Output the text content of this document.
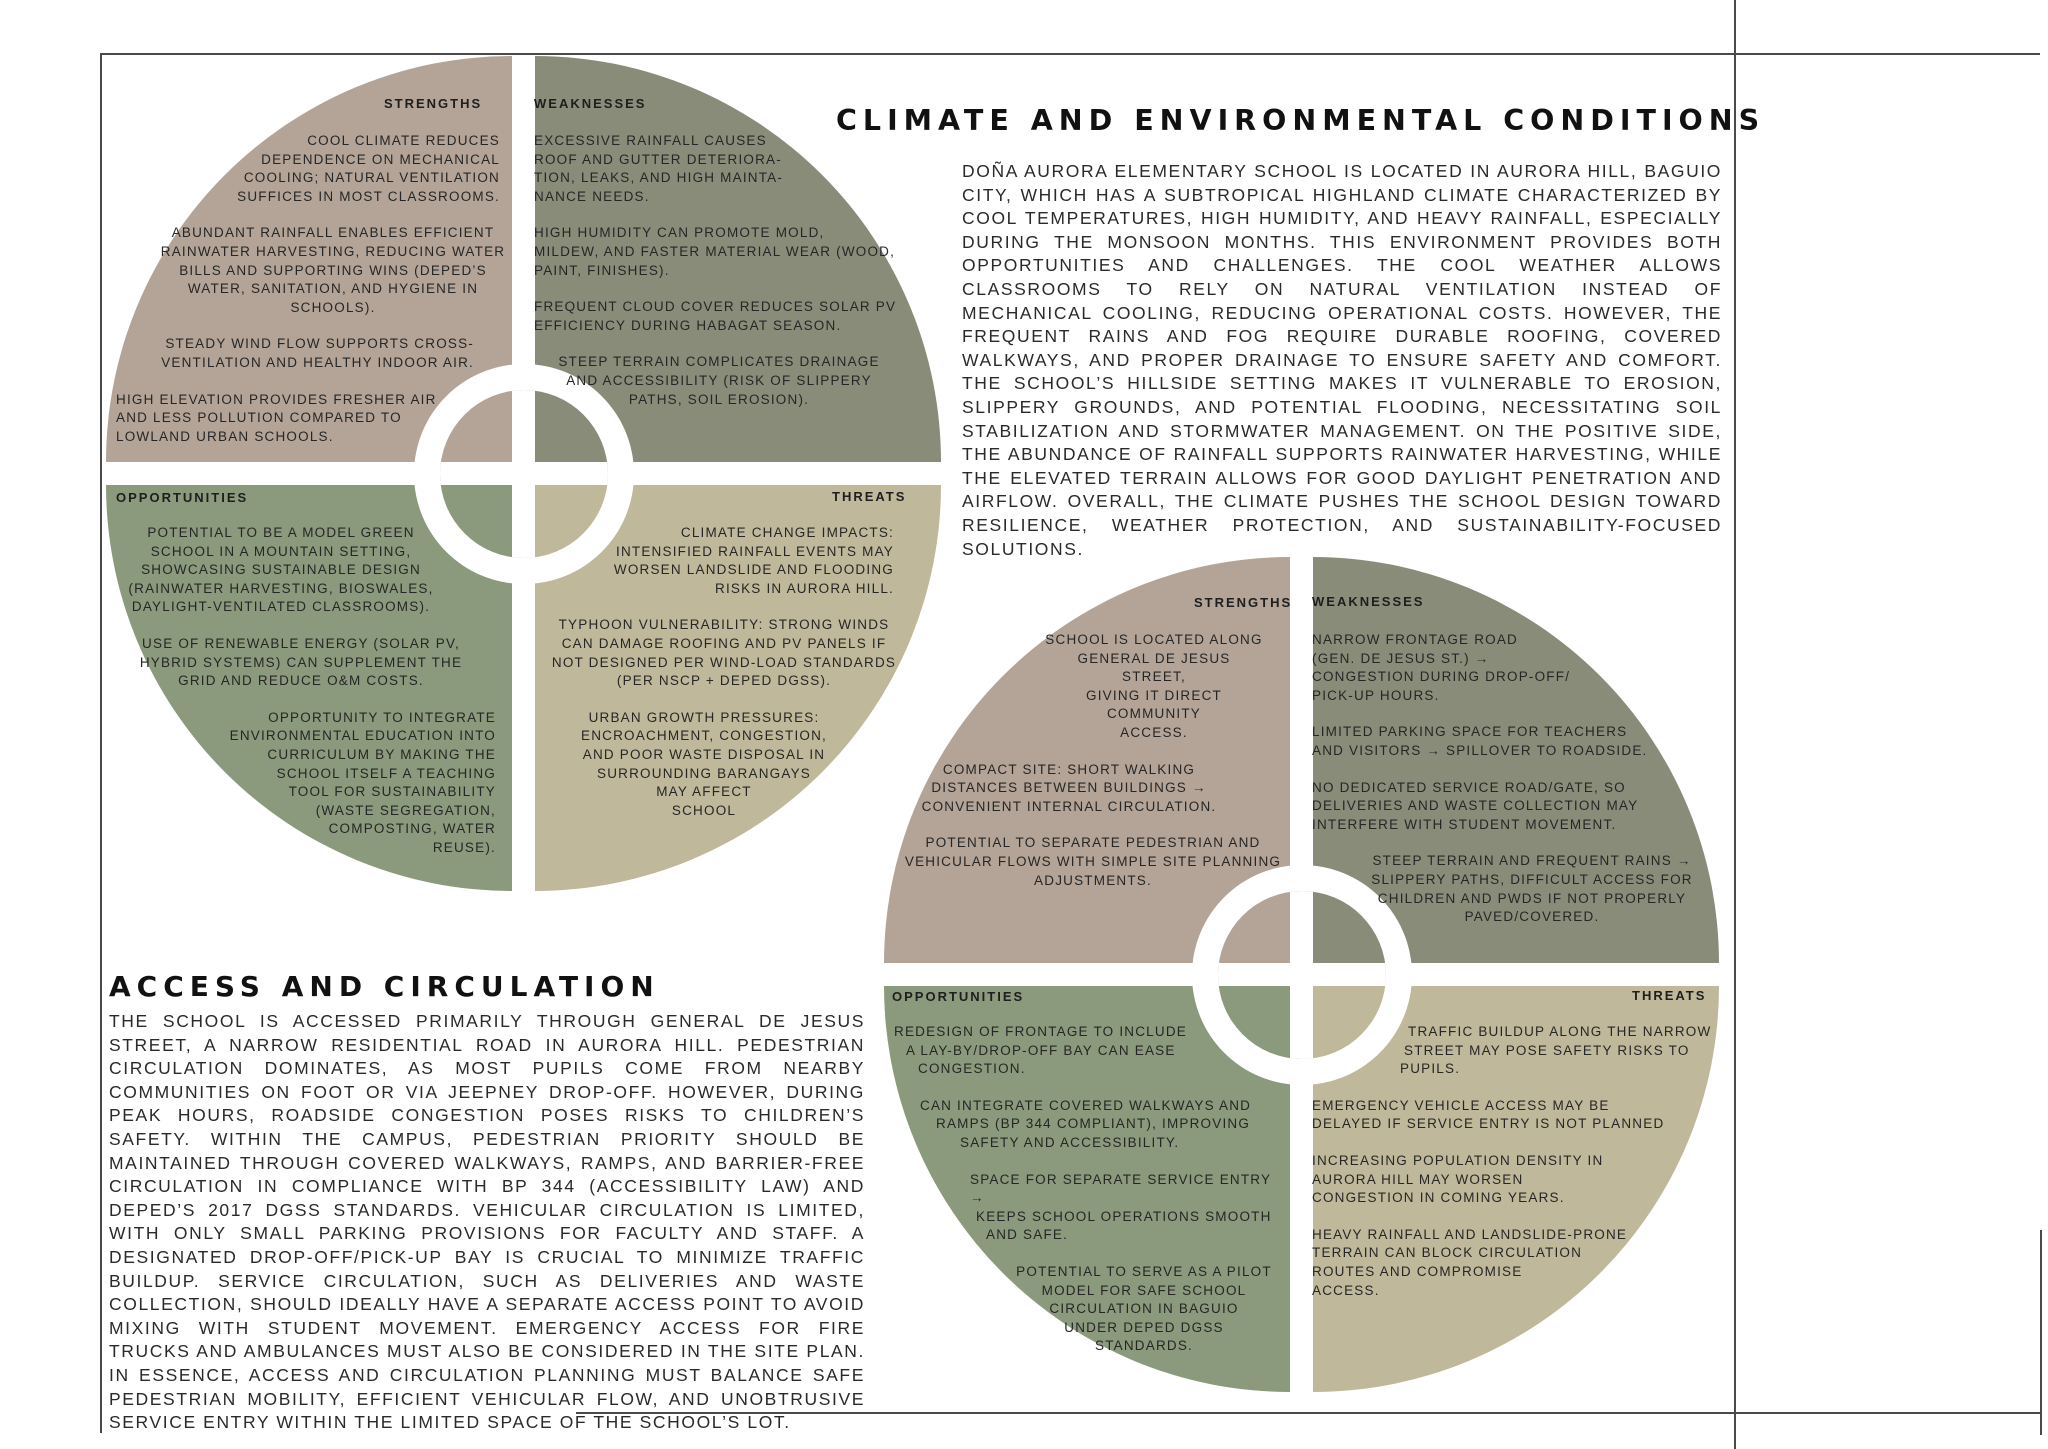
CLIMATE AND ENVIRONMENTAL CONDITIONS

DOÑA AURORA ELEMENTARY SCHOOL IS LOCATED IN AURORA HILL, BAGUIO CITY, WHICH HAS A SUBTROPICAL HIGHLAND CLIMATE CHARACTERIZED BY COOL TEMPERATURES, HIGH HUMIDITY, AND HEAVY RAINFALL, ESPECIALLY DURING THE MONSOON MONTHS. THIS ENVIRONMENT PROVIDES BOTH OPPORTUNITIES AND CHALLENGES. THE COOL WEATHER ALLOWS CLASSROOMS TO RELY ON NATURAL VENTILATION INSTEAD OF MECHANICAL COOLING, REDUCING OPERATIONAL COSTS. HOWEVER, THE FREQUENT RAINS AND FOG REQUIRE DURABLE ROOFING, COVERED WALKWAYS, AND PROPER DRAINAGE TO ENSURE SAFETY AND COMFORT. THE SCHOOL’S HILLSIDE SETTING MAKES IT VULNERABLE TO EROSION, SLIPPERY GROUNDS, AND POTENTIAL FLOODING, NECESSITATING SOIL STABILIZATION AND STORMWATER MANAGEMENT. ON THE POSITIVE SIDE, THE ABUNDANCE OF RAINFALL SUPPORTS RAINWATER HARVESTING, WHILE THE ELEVATED TERRAIN ALLOWS FOR GOOD DAYLIGHT PENETRATION AND AIRFLOW. OVERALL, THE CLIMATE PUSHES THE SCHOOL DESIGN TOWARD RESILIENCE, WEATHER PROTECTION, AND SUSTAINABILITY-FOCUSED SOLUTIONS.

ACCESS AND CIRCULATION

THE SCHOOL IS ACCESSED PRIMARILY THROUGH GENERAL DE JESUS STREET, A NARROW RESIDENTIAL ROAD IN AURORA HILL. PEDESTRIAN CIRCULATION DOMINATES, AS MOST PUPILS COME FROM NEARBY COMMUNITIES ON FOOT OR VIA JEEPNEY DROP-OFF. HOWEVER, DURING PEAK HOURS, ROADSIDE CONGESTION POSES RISKS TO CHILDREN’S SAFETY. WITHIN THE CAMPUS, PEDESTRIAN PRIORITY SHOULD BE MAINTAINED THROUGH COVERED WALKWAYS, RAMPS, AND BARRIER-FREE CIRCULATION IN COMPLIANCE WITH BP 344 (ACCESSIBILITY LAW) AND DEPED’S 2017 DGSS STANDARDS. VEHICULAR CIRCULATION IS LIMITED, WITH ONLY SMALL PARKING PROVISIONS FOR FACULTY AND STAFF. A DESIGNATED DROP-OFF/PICK-UP BAY IS CRUCIAL TO MINIMIZE TRAFFIC BUILDUP. SERVICE CIRCULATION, SUCH AS DELIVERIES AND WASTE COLLECTION, SHOULD IDEALLY HAVE A SEPARATE ACCESS POINT TO AVOID MIXING WITH STUDENT MOVEMENT. EMERGENCY ACCESS FOR FIRE TRUCKS AND AMBULANCES MUST ALSO BE CONSIDERED IN THE SITE PLAN. IN ESSENCE, ACCESS AND CIRCULATION PLANNING MUST BALANCE SAFE PEDESTRIAN MOBILITY, EFFICIENT VEHICULAR FLOW, AND UNOBTRUSIVE SERVICE ENTRY WITHIN THE LIMITED SPACE OF THE SCHOOL’S LOT.

STRENGTHS	WEAKNESSES
OPPORTUNITIES	THREATS

COOL CLIMATE REDUCES
DEPENDENCE ON MECHANICAL
COOLING; NATURAL VENTILATION
SUFFICES IN MOST CLASSROOMS.

ABUNDANT RAINFALL ENABLES EFFICIENT
RAINWATER HARVESTING, REDUCING WATER
BILLS AND SUPPORTING WINS (DEPED’S
WATER, SANITATION, AND HYGIENE IN
SCHOOLS).

STEADY WIND FLOW SUPPORTS CROSS-
VENTILATION AND HEALTHY INDOOR AIR.

HIGH ELEVATION PROVIDES FRESHER AIR
AND LESS POLLUTION COMPARED TO
LOWLAND URBAN SCHOOLS.

EXCESSIVE RAINFALL CAUSES
ROOF AND GUTTER DETERIORA-
TION, LEAKS, AND HIGH MAINTA-
NANCE NEEDS.

HIGH HUMIDITY CAN PROMOTE MOLD,
MILDEW, AND FASTER MATERIAL WEAR (WOOD,
PAINT, FINISHES).

FREQUENT CLOUD COVER REDUCES SOLAR PV
EFFICIENCY DURING HABAGAT SEASON.

STEEP TERRAIN COMPLICATES DRAINAGE
AND ACCESSIBILITY (RISK OF SLIPPERY
PATHS, SOIL EROSION).

POTENTIAL TO BE A MODEL GREEN
SCHOOL IN A MOUNTAIN SETTING,
SHOWCASING SUSTAINABLE DESIGN
(RAINWATER HARVESTING, BIOSWALES,
DAYLIGHT-VENTILATED CLASSROOMS).

USE OF RENEWABLE ENERGY (SOLAR PV,
HYBRID SYSTEMS) CAN SUPPLEMENT THE
GRID AND REDUCE O&M COSTS.

OPPORTUNITY TO INTEGRATE
ENVIRONMENTAL EDUCATION INTO
CURRICULUM BY MAKING THE
SCHOOL ITSELF A TEACHING
TOOL FOR SUSTAINABILITY
(WASTE SEGREGATION,
COMPOSTING, WATER
REUSE).

CLIMATE CHANGE IMPACTS:
INTENSIFIED RAINFALL EVENTS MAY
WORSEN LANDSLIDE AND FLOODING
RISKS IN AURORA HILL.

TYPHOON VULNERABILITY: STRONG WINDS
CAN DAMAGE ROOFING AND PV PANELS IF
NOT DESIGNED PER WIND-LOAD STANDARDS
(PER NSCP + DEPED DGSS).

URBAN GROWTH PRESSURES:
ENCROACHMENT, CONGESTION,
AND POOR WASTE DISPOSAL IN
SURROUNDING BARANGAYS
MAY AFFECT
SCHOOL

STRENGTHS WEAKNESSES
OPPORTUNITIES	THREATS

SCHOOL IS LOCATED ALONG
GENERAL DE JESUS STREET,
GIVING IT DIRECT COMMUNITY
ACCESS.

COMPACT SITE: SHORT WALKING
DISTANCES BETWEEN BUILDINGS →
CONVENIENT INTERNAL CIRCULATION.

POTENTIAL TO SEPARATE PEDESTRIAN AND
VEHICULAR FLOWS WITH SIMPLE SITE PLANNING
ADJUSTMENTS.

NARROW FRONTAGE ROAD
(GEN. DE JESUS ST.) →
CONGESTION DURING DROP-OFF/
PICK-UP HOURS.

LIMITED PARKING SPACE FOR TEACHERS
AND VISITORS → SPILLOVER TO ROADSIDE.

NO DEDICATED SERVICE ROAD/GATE, SO
DELIVERIES AND WASTE COLLECTION MAY
INTERFERE WITH STUDENT MOVEMENT.

STEEP TERRAIN AND FREQUENT RAINS →
SLIPPERY PATHS, DIFFICULT ACCESS FOR
CHILDREN AND PWDS IF NOT PROPERLY
PAVED/COVERED.

REDESIGN OF FRONTAGE TO INCLUDE
A LAY-BY/DROP-OFF BAY CAN EASE
CONGESTION.

CAN INTEGRATE COVERED WALKWAYS AND
RAMPS (BP 344 COMPLIANT), IMPROVING
SAFETY AND ACCESSIBILITY.

SPACE FOR SEPARATE SERVICE ENTRY →
KEEPS SCHOOL OPERATIONS SMOOTH
AND SAFE.

POTENTIAL TO SERVE AS A PILOT
MODEL FOR SAFE SCHOOL
CIRCULATION IN BAGUIO
UNDER DEPED DGSS
STANDARDS.

TRAFFIC BUILDUP ALONG THE NARROW
STREET MAY POSE SAFETY RISKS TO
PUPILS.

EMERGENCY VEHICLE ACCESS MAY BE
DELAYED IF SERVICE ENTRY IS NOT PLANNED

INCREASING POPULATION DENSITY IN
AURORA HILL MAY WORSEN
CONGESTION IN COMING YEARS.

HEAVY RAINFALL AND LANDSLIDE-PRONE
TERRAIN CAN BLOCK CIRCULATION
ROUTES AND COMPROMISE
ACCESS.
